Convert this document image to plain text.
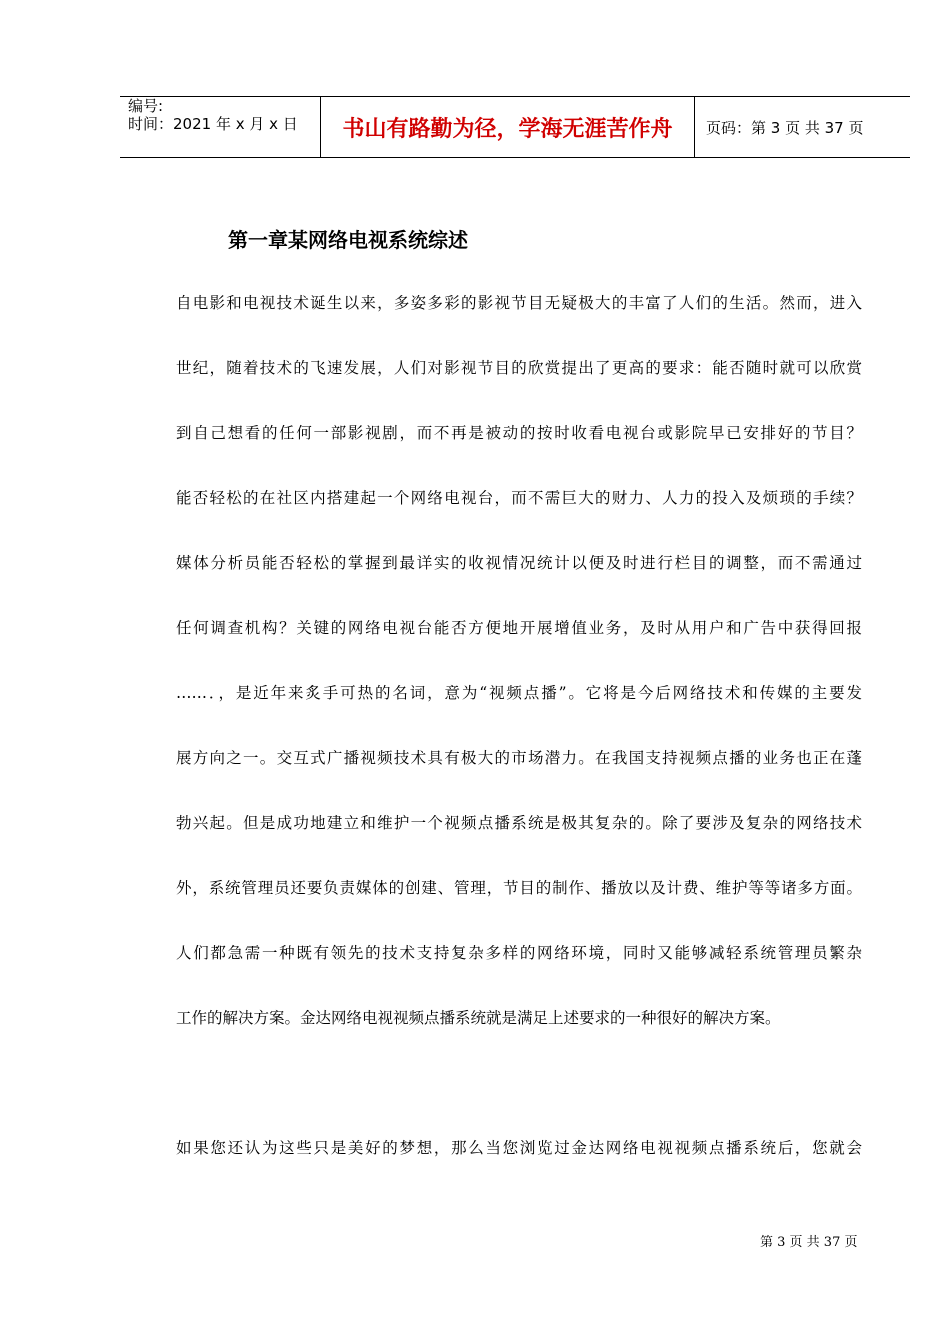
编号:
时间：2021 年 x 月 x 日	书山有路勤为径，学海无涯苦作舟	页码：第 3 页 共 37 页
第一章某网络电视系统综述
自电影和电视技术诞生以来，多姿多彩的影视节目无疑极大的丰富了人们的生活。然而，进入
世纪，随着技术的飞速发展，人们对影视节目的欣赏提出了更高的要求：能否随时就可以欣赏
到自己想看的任何一部影视剧，而不再是被动的按时收看电视台或影院早已安排好的节目？
能否轻松的在社区内搭建起一个网络电视台，而不需巨大的财力、人力的投入及烦琐的手续？
媒体分析员能否轻松的掌握到最详实的收视情况统计以便及时进行栏目的调整，而不需通过
任何调查机构？关键的网络电视台能否方便地开展增值业务，及时从用户和广告中获得回报
……．，是近年来炙手可热的名词，意为“视频点播”。它将是今后网络技术和传媒的主要发
展方向之一。交互式广播视频技术具有极大的市场潜力。在我国支持视频点播的业务也正在蓬
勃兴起。但是成功地建立和维护一个视频点播系统是极其复杂的。除了要涉及复杂的网络技术
外，系统管理员还要负责媒体的创建、管理，节目的制作、播放以及计费、维护等等诸多方面。
人们都急需一种既有领先的技术支持复杂多样的网络环境，同时又能够减轻系统管理员繁杂
工作的解决方案。金达网络电视视频点播系统就是满足上述要求的一种很好的解决方案。
如果您还认为这些只是美好的梦想，那么当您浏览过金达网络电视视频点播系统后，您就会
第 3 页 共 37 页
